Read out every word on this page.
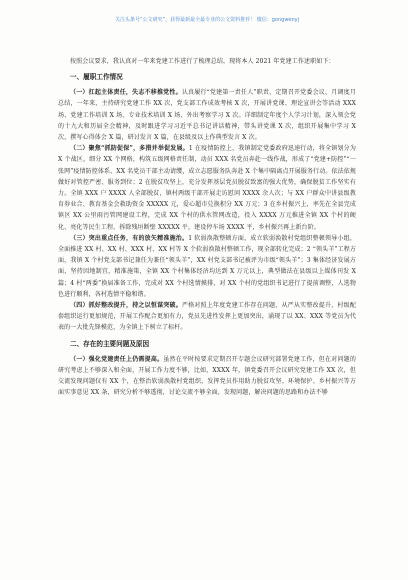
关注头条号“公文研究”，获得最新最全最专业的公文资料推荐！ 微信：gongwenyj

按照会议要求，我认真对一年来党建工作进行了梳理总结，现将本人 2021 年党建工作述职如下：

一、履职工作情况

（一）扛起主体责任，失志不移推党性。认真履行“党建第一责任人”职责，定期召开党委会议，月调度月总结，一年来，主持研究党建工作 XX 次，党支部工作成效考核 X 次，开展讲党课、理论宣讲会等活动 XXX 场、党建工作培训 X 场、专业技术培训 X 场、外出考察学习 X 次。详细制定年度个人学习计划，深入领会党的十九大和历届全会精神，及时跟进学习习近平总书记讲话精神，带头讲党课 X 次，组织开展集中学习 X 次，撰写心得体会 X 篇，研讨发言 X 篇，在县级及以上作典型发言 X 次。

（二）聚焦“抓防促保”，多措并举促发展。1 在疫情防控上，我镇制定党委政府迅速行动，将全镇划分为 X 个战区，细分 XX 个网格，构筑五级网格责任制，动员 XXX 名党员奔赴一线作战，形成了“党建+防控”“一张网”疫情防控体系，XX 名党员干部主动请缨，成立志愿服务队奔赴 X 个集中隔离点开展服务行动。依法依规做好对管控严密、服务到位；2 在脱贫攻坚上，充分发挥基层党员脱贫致富的强大优势，确保脱贫工作坚实有力。全镇 XXX 户 XXXX 人全部脱贫，镇村两级干部开展走访慰问 XXXX 余人次；与 XX 户群众中讲县级教育券业合、教育基金会救助资金 XXXXX 元，爱心超市兑换积分 XX 万元；3 在乡村振兴上，率先在全县完成镇区 XX 公里雨污管网建设工程，完成 XX 个村的供水管网改造，投入 XXXX 万元推进全镇 XX 个村的硬化、亮化等民生工程，拆除残垣断壁 XXXXX 平，建设停车场 XXXX 平，乡村振兴再上新台阶。

（三）突出重点任务，有的放矢精准施治。1 软弱涣散整顿方面，成立软弱涣散村党组织整顿领导小组，全面推进 XX 村、XX 村、XXX 村、XX 村等 X 个软弱涣散村整顿工作，现全部转化完成；2 “领头羊”工程方面，我镇 X 个村党支部书记兼任为兼任“领头羊”，XX 村党支部书记被评为市级“领头羊”；3 集体经济发展方面，坚持因地制宜，精准施策，全镇 XX 个村集体经济均达到 X 万元以上，典型做法在县级以上媒体刊发 X 篇；4 村“两委”换届准备工作，完成对 XX 个村选情摸排，对 XX 个村的党组织书记进行了提前调整，人选物色进行顺利，各村选情平稳和谐。

（四）抓好整改提升，持之以恒谋突破。严格对照上年度党建工作存在问题，从严从实整改提升，村级配套组织运行更加规范，开展工作配合更加有力，党员先进性发挥上更加突出，涌现了以 XX、XXX 等党员为代表的一大批先锋模范，为全镇上下树立了标杆。

二、存在的主要问题及原因

（一）强化党建责任上仍需提高。虽然在平时按要求定期召开专题会议研究部署党建工作，但在对问题的研究考虑上不够深入和全面，开展工作力度不够，比如，XXXX 年，镇党委召开会议研究党建工作 XX 次，但交流发现问题仅有 XX 个，在整治软弱涣散村党组织，发挥党员作用助力脱贫攻坚、环境保护、乡村振兴等方面实事意见 XX 条，研究分析不够透彻，讨论交流不够全面，发现问题，解决问题的思路和办法不够
